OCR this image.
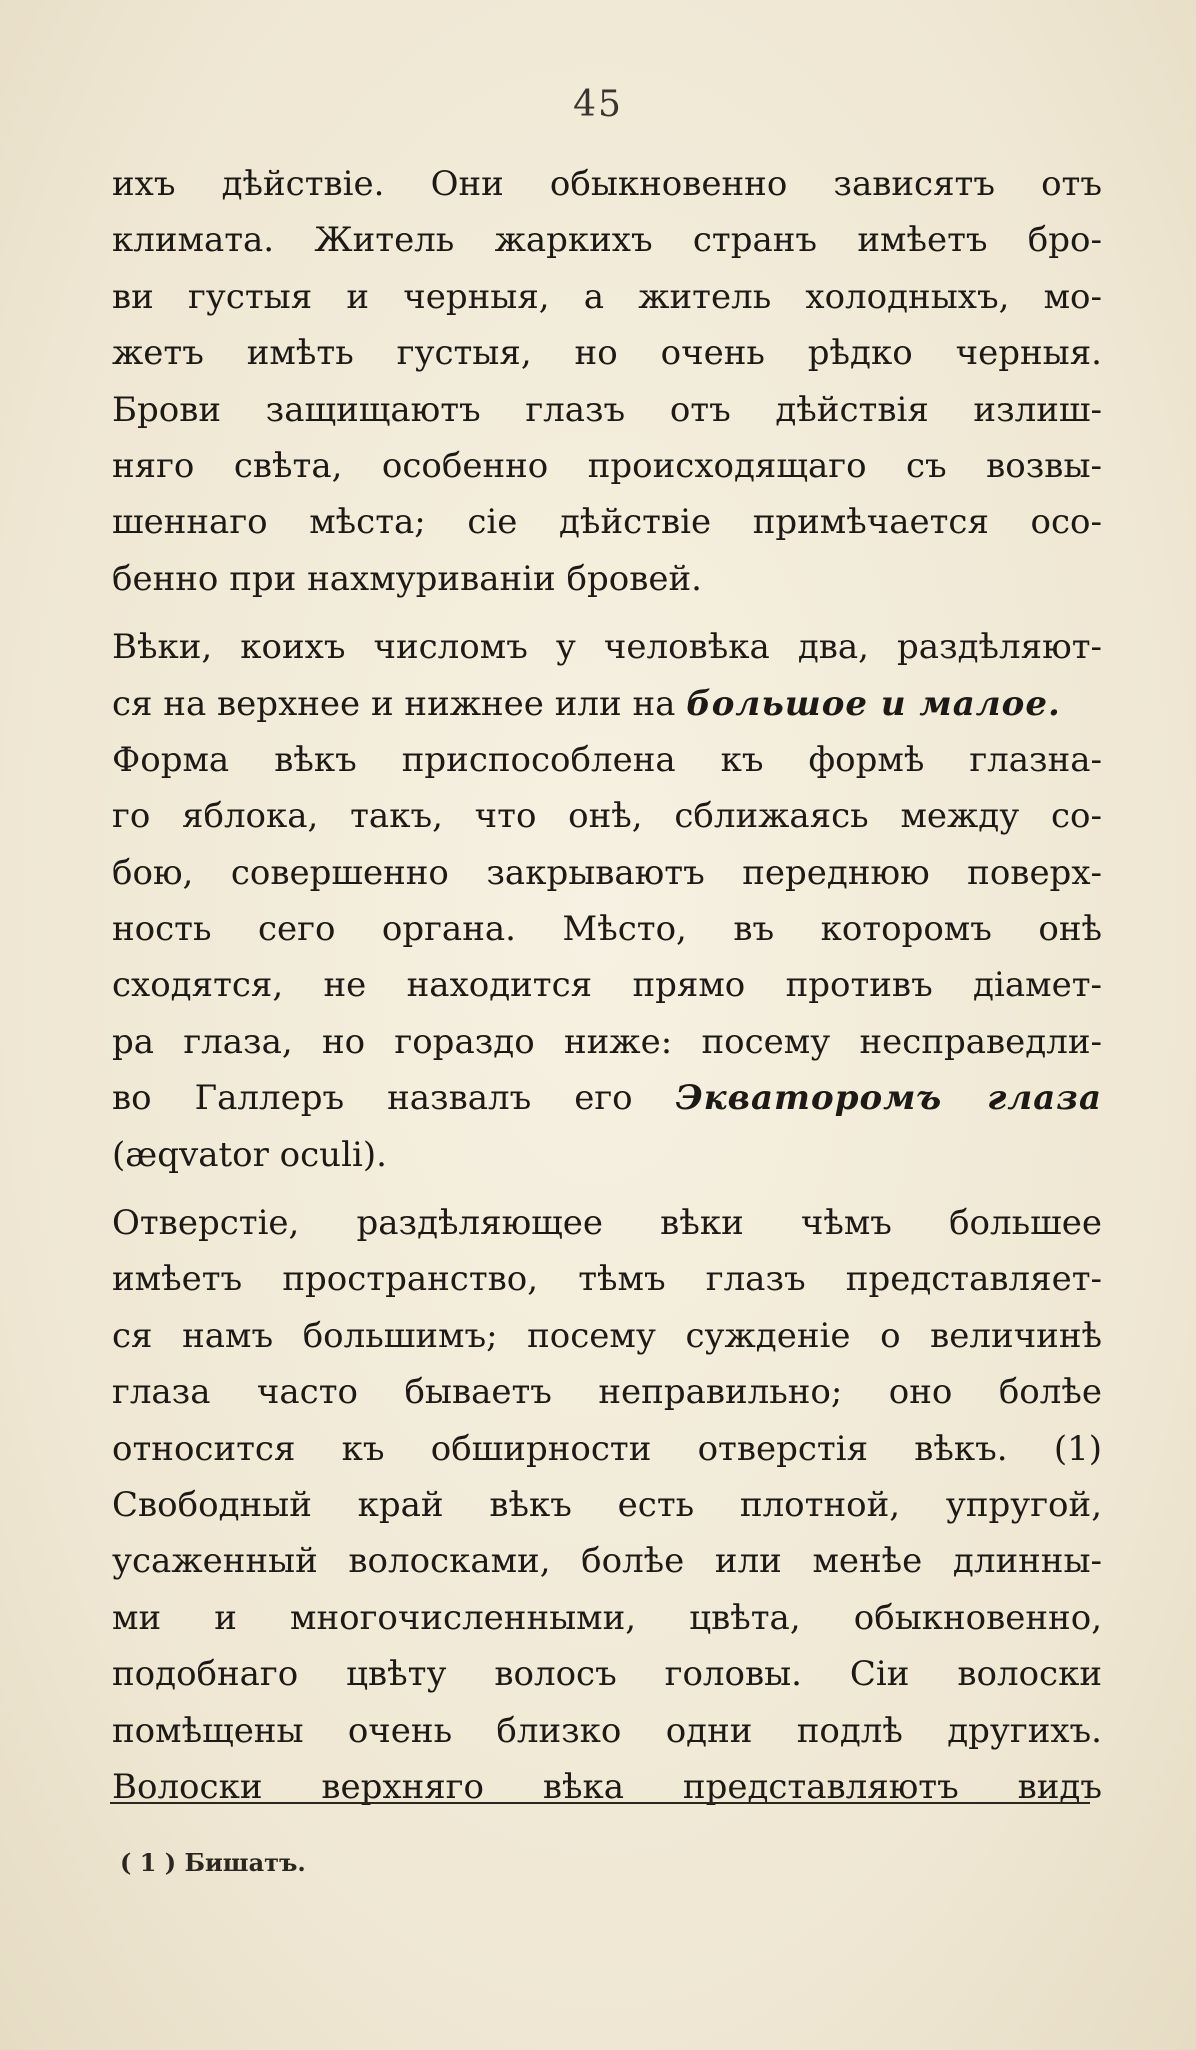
45
ихъ дѣйствіе. Они обыкновенно зависятъ отъ
климата. Житель жаркихъ странъ имѣетъ бро-
ви густыя и черныя, а житель холодныхъ, мо-
жетъ имѣть густыя, но очень рѣдко черныя.
Брови защищаютъ глазъ отъ дѣйствія излиш-
няго свѣта, особенно происходящаго съ возвы-
шеннаго мѣста; сіе дѣйствіе примѣчается осо-
бенно при нахмуриваніи бровей.
Вѣки, коихъ числомъ у человѣка два, раздѣляют-
ся на верхнее и нижнее или на большое и малое.
Форма вѣкъ приспособлена къ формѣ глазна-
го яблока, такъ, что онѣ, сближаясь между со-
бою, совершенно закрываютъ переднюю поверх-
ность сего органа. Мѣсто, въ которомъ онѣ
сходятся, не находится прямо противъ діамет-
ра глаза, но гораздо ниже: посему несправедли-
во Галлеръ назвалъ его Экваторомъ глаза
(æqvator oculi).
Отверстіе, раздѣляющее вѣки чѣмъ большее
имѣетъ пространство, тѣмъ глазъ представляет-
ся намъ большимъ; посему сужденіе о величинѣ
глаза часто бываетъ неправильно; оно болѣе
относится къ обширности отверстія вѣкъ. (1)
Свободный край вѣкъ есть плотной, упругой,
усаженный волосками, болѣе или менѣе длинны-
ми и многочисленными, цвѣта, обыкновенно,
подобнаго цвѣту волосъ головы. Сіи волоски
помѣщены очень близко одни подлѣ другихъ.
Волоски верхняго вѣка представляютъ видъ
( 1 ) Бишатъ.
